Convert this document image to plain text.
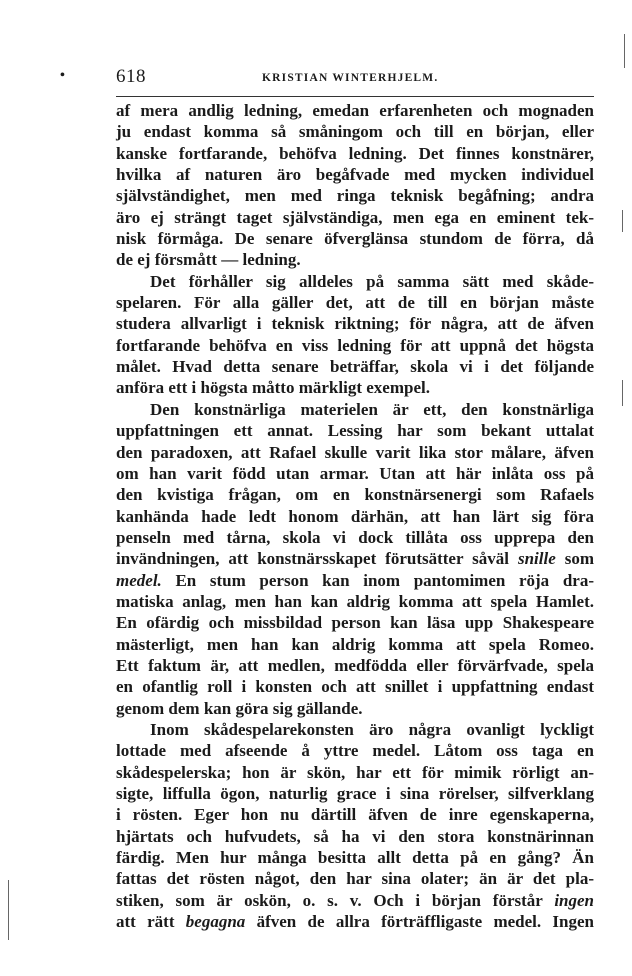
•	618	KRISTIAN WINTERHJELM.
af mera andlig ledning, emedan erfarenheten och mognaden
ju endast komma så småningom och till en början, eller
kanske fortfarande, behöfva ledning. Det finnes konstnärer,
hvilka af naturen äro begåfvade med mycken individuel
självständighet, men med ringa teknisk begåfning; andra
äro ej strängt taget självständiga, men ega en eminent tek-
nisk förmåga. De senare öfverglänsa stundom de förra, då
de ej försmått — ledning.
Det förhåller sig alldeles på samma sätt med skåde-
spelaren. För alla gäller det, att de till en början måste
studera allvarligt i teknisk riktning; för några, att de äfven
fortfarande behöfva en viss ledning för att uppnå det högsta
målet. Hvad detta senare beträffar, skola vi i det följande
anföra ett i högsta måtto märkligt exempel.
Den konstnärliga materielen är ett, den konstnärliga
uppfattningen ett annat. Lessing har som bekant uttalat
den paradoxen, att Rafael skulle varit lika stor målare, äfven
om han varit född utan armar. Utan att här inlåta oss på
den kvistiga frågan, om en konstnärsenergi som Rafaels
kanhända hade ledt honom därhän, att han lärt sig föra
penseln med tårna, skola vi dock tillåta oss upprepa den
invändningen, att konstnärsskapet förutsätter såväl snille som
medel. En stum person kan inom pantomimen röja dra-
matiska anlag, men han kan aldrig komma att spela Hamlet.
En ofärdig och missbildad person kan läsa upp Shakespeare
mästerligt, men han kan aldrig komma att spela Romeo.
Ett faktum är, att medlen, medfödda eller förvärfvade, spela
en ofantlig roll i konsten och att snillet i uppfattning endast
genom dem kan göra sig gällande.
Inom skådespelarekonsten äro några ovanligt lyckligt
lottade med afseende å yttre medel. Låtom oss taga en
skådespelerska; hon är skön, har ett för mimik rörligt an-
sigte, liffulla ögon, naturlig grace i sina rörelser, silfverklang
i rösten. Eger hon nu därtill äfven de inre egenskaperna,
hjärtats och hufvudets, så ha vi den stora konstnärinnan
färdig. Men hur många besitta allt detta på en gång? Än
fattas det rösten något, den har sina olater; än är det pla-
stiken, som är oskön, o. s. v. Och i början förstår ingen
att rätt begagna äfven de allra förträffligaste medel. Ingen
